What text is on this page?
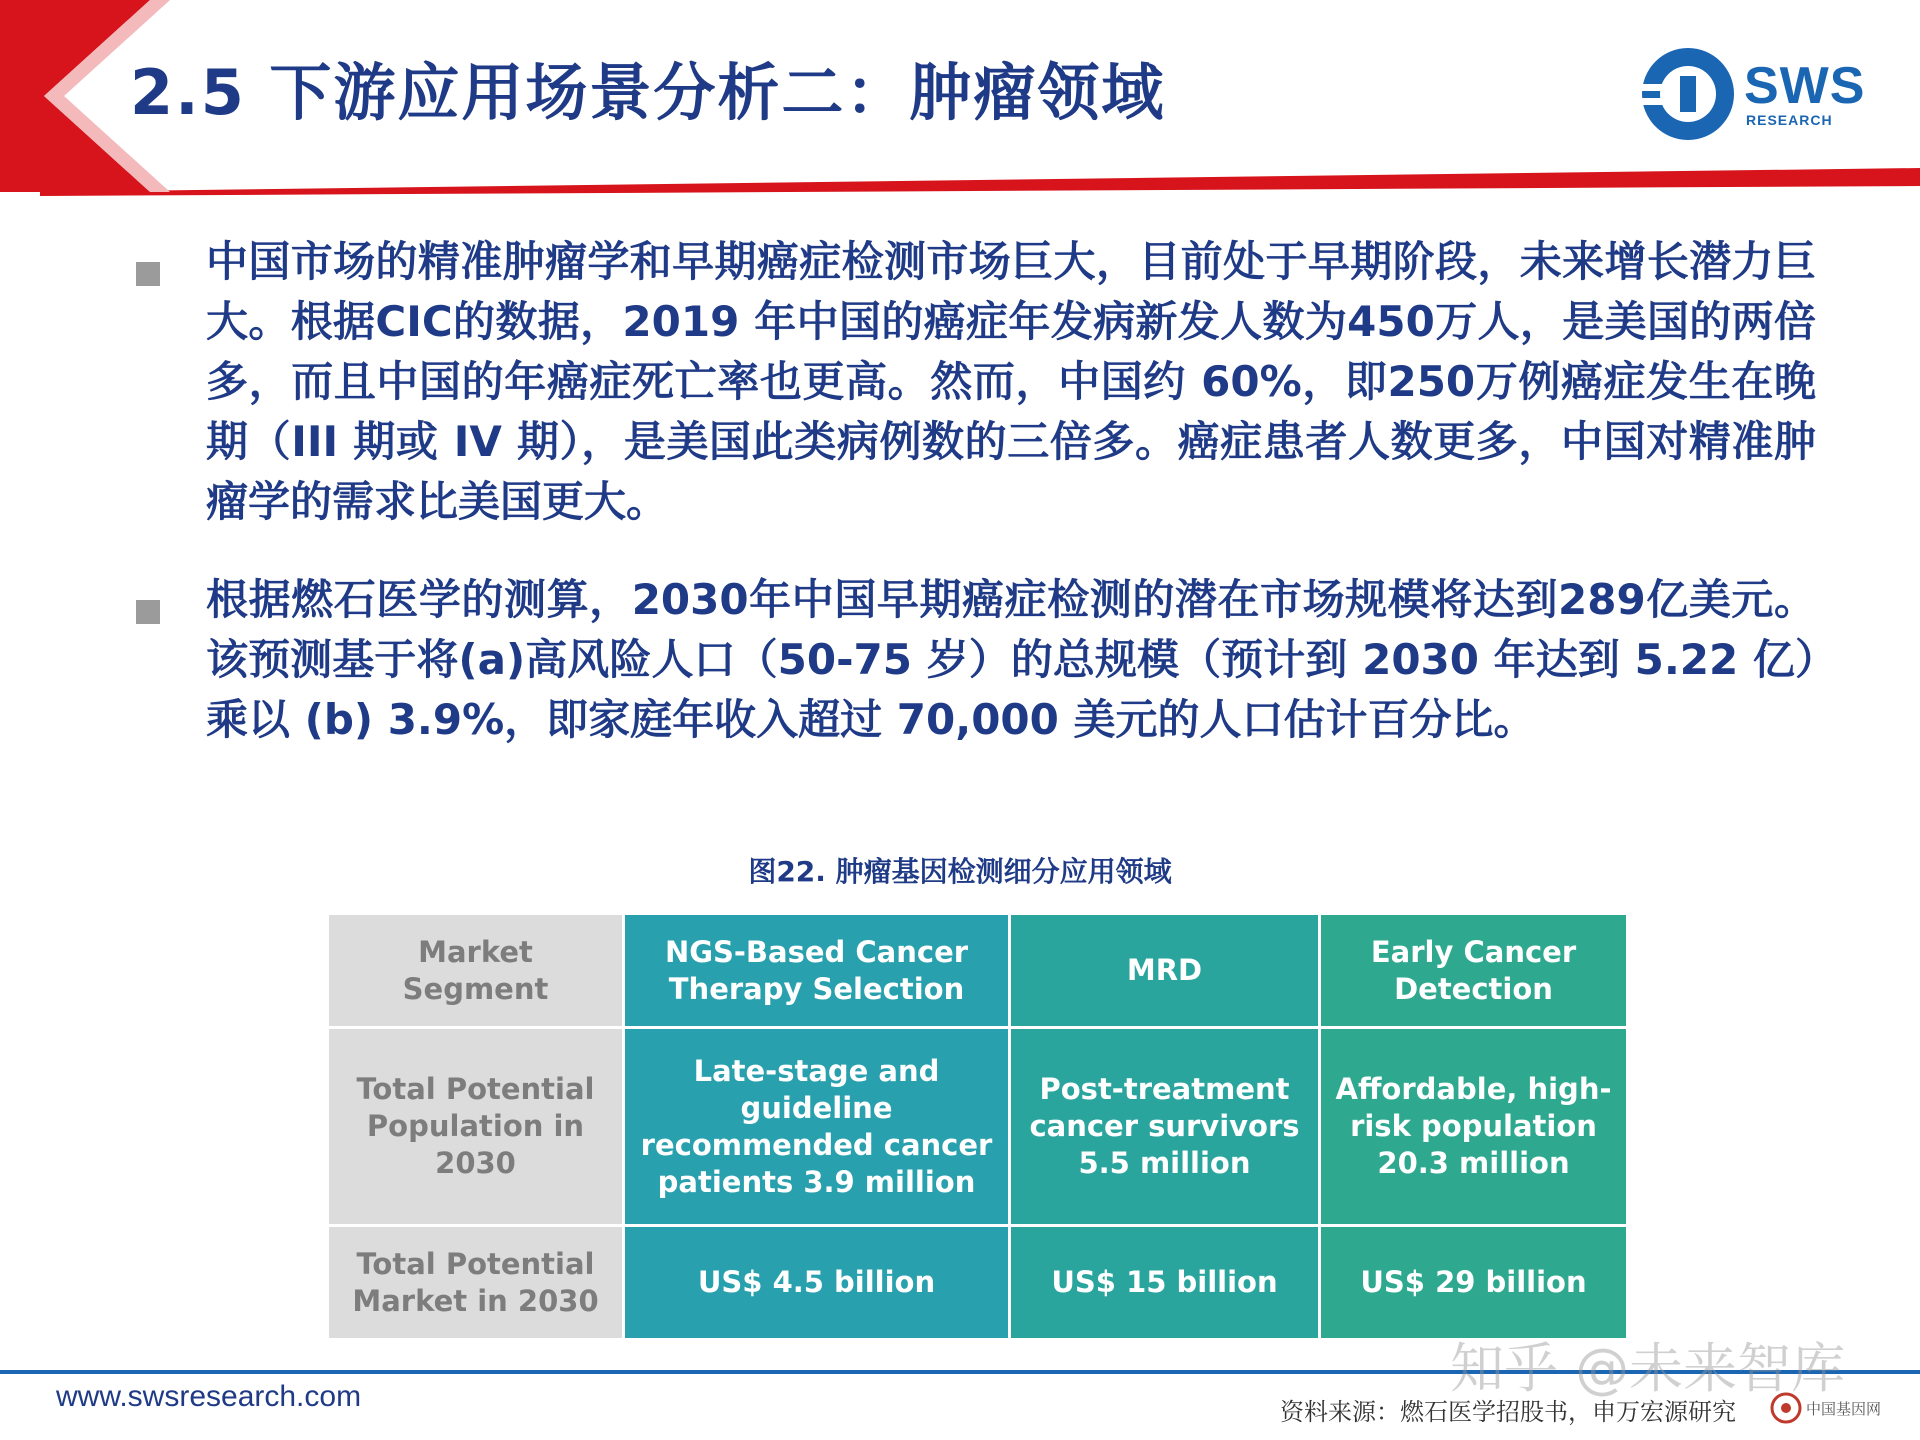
2.5 下游应用场景分析二：肿瘤领域	SWS
RESEARCH
中国市场的精准肿瘤学和早期癌症检测市场巨大，目前处于早期阶段，未来增长潜力巨大。根据CIC的数据，2019 年中国的癌症年发病新发人数为450万人，是美国的两倍多，而且中国的年癌症死亡率也更高。然而，中国约 60%，即250万例癌症发生在晚期（III 期或 IV 期），是美国此类病例数的三倍多。癌症患者人数更多，中国对精准肿瘤学的需求比美国更大。
根据燃石医学的测算，2030年中国早期癌症检测的潜在市场规模将达到289亿美元。该预测基于将(a)高风险人口（50-75 岁）的总规模（预计到 2030 年达到 5.22 亿）乘以 (b) 3.9%，即家庭年收入超过 70,000 美元的人口估计百分比。
图22. 肿瘤基因检测细分应用领域
Market Segment	NGS-Based Cancer Therapy Selection	MRD	Early Cancer Detection
Total Potential Population in 2030	Late-stage and guideline recommended cancer patients 3.9 million	Post-treatment cancer survivors 5.5 million	Affordable, high-risk population 20.3 million
Total Potential Market in 2030	US$ 4.5 billion	US$ 15 billion	US$ 29 billion
www.swsresearch.com	知乎 @未来智库
资料来源：燃石医学招股书，申万宏源研究	中国基因网
